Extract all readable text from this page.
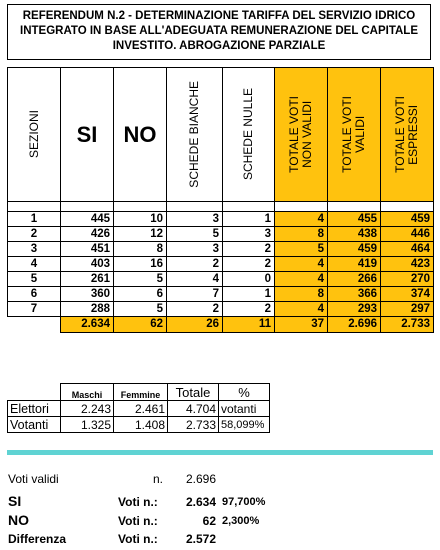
REFERENDUM N.2 - DETERMINAZIONE TARIFFA DEL SERVIZIO IDRICO
INTEGRATO IN BASE ALL'ADEGUATA REMUNERAZIONE DEL CAPITALE
INVESTITO. ABROGAZIONE PARZIALE
SEZIONI	SI	NO	SCHEDE BIANCHE	SCHEDE NULLE	TOTALE VOTI
NON VALIDI	TOTALE VOTI
VALIDI	TOTALE VOTI
ESPRESSI

1	445	10	3	1	4	455	459
2	426	12	5	3	8	438	446
3	451	8	3	2	5	459	464
4	403	16	2	2	4	419	423
5	261	5	4	0	4	266	270
6	360	6	7	1	8	366	374
7	288	5	2	2	4	293	297
	2.634	62	26	11	37	2.696	2.733
	Maschi	Femmine	Totale	%
Elettori	2.243	2.461	4.704	votanti
Votanti	1.325	1.408	2.733	58,099%
Voti validi	n.	2.696
SI	Voti n.:	2.634 97,700%
NO	Voti n.:	62 2,300%
Differenza	Voti n.:	2.572
